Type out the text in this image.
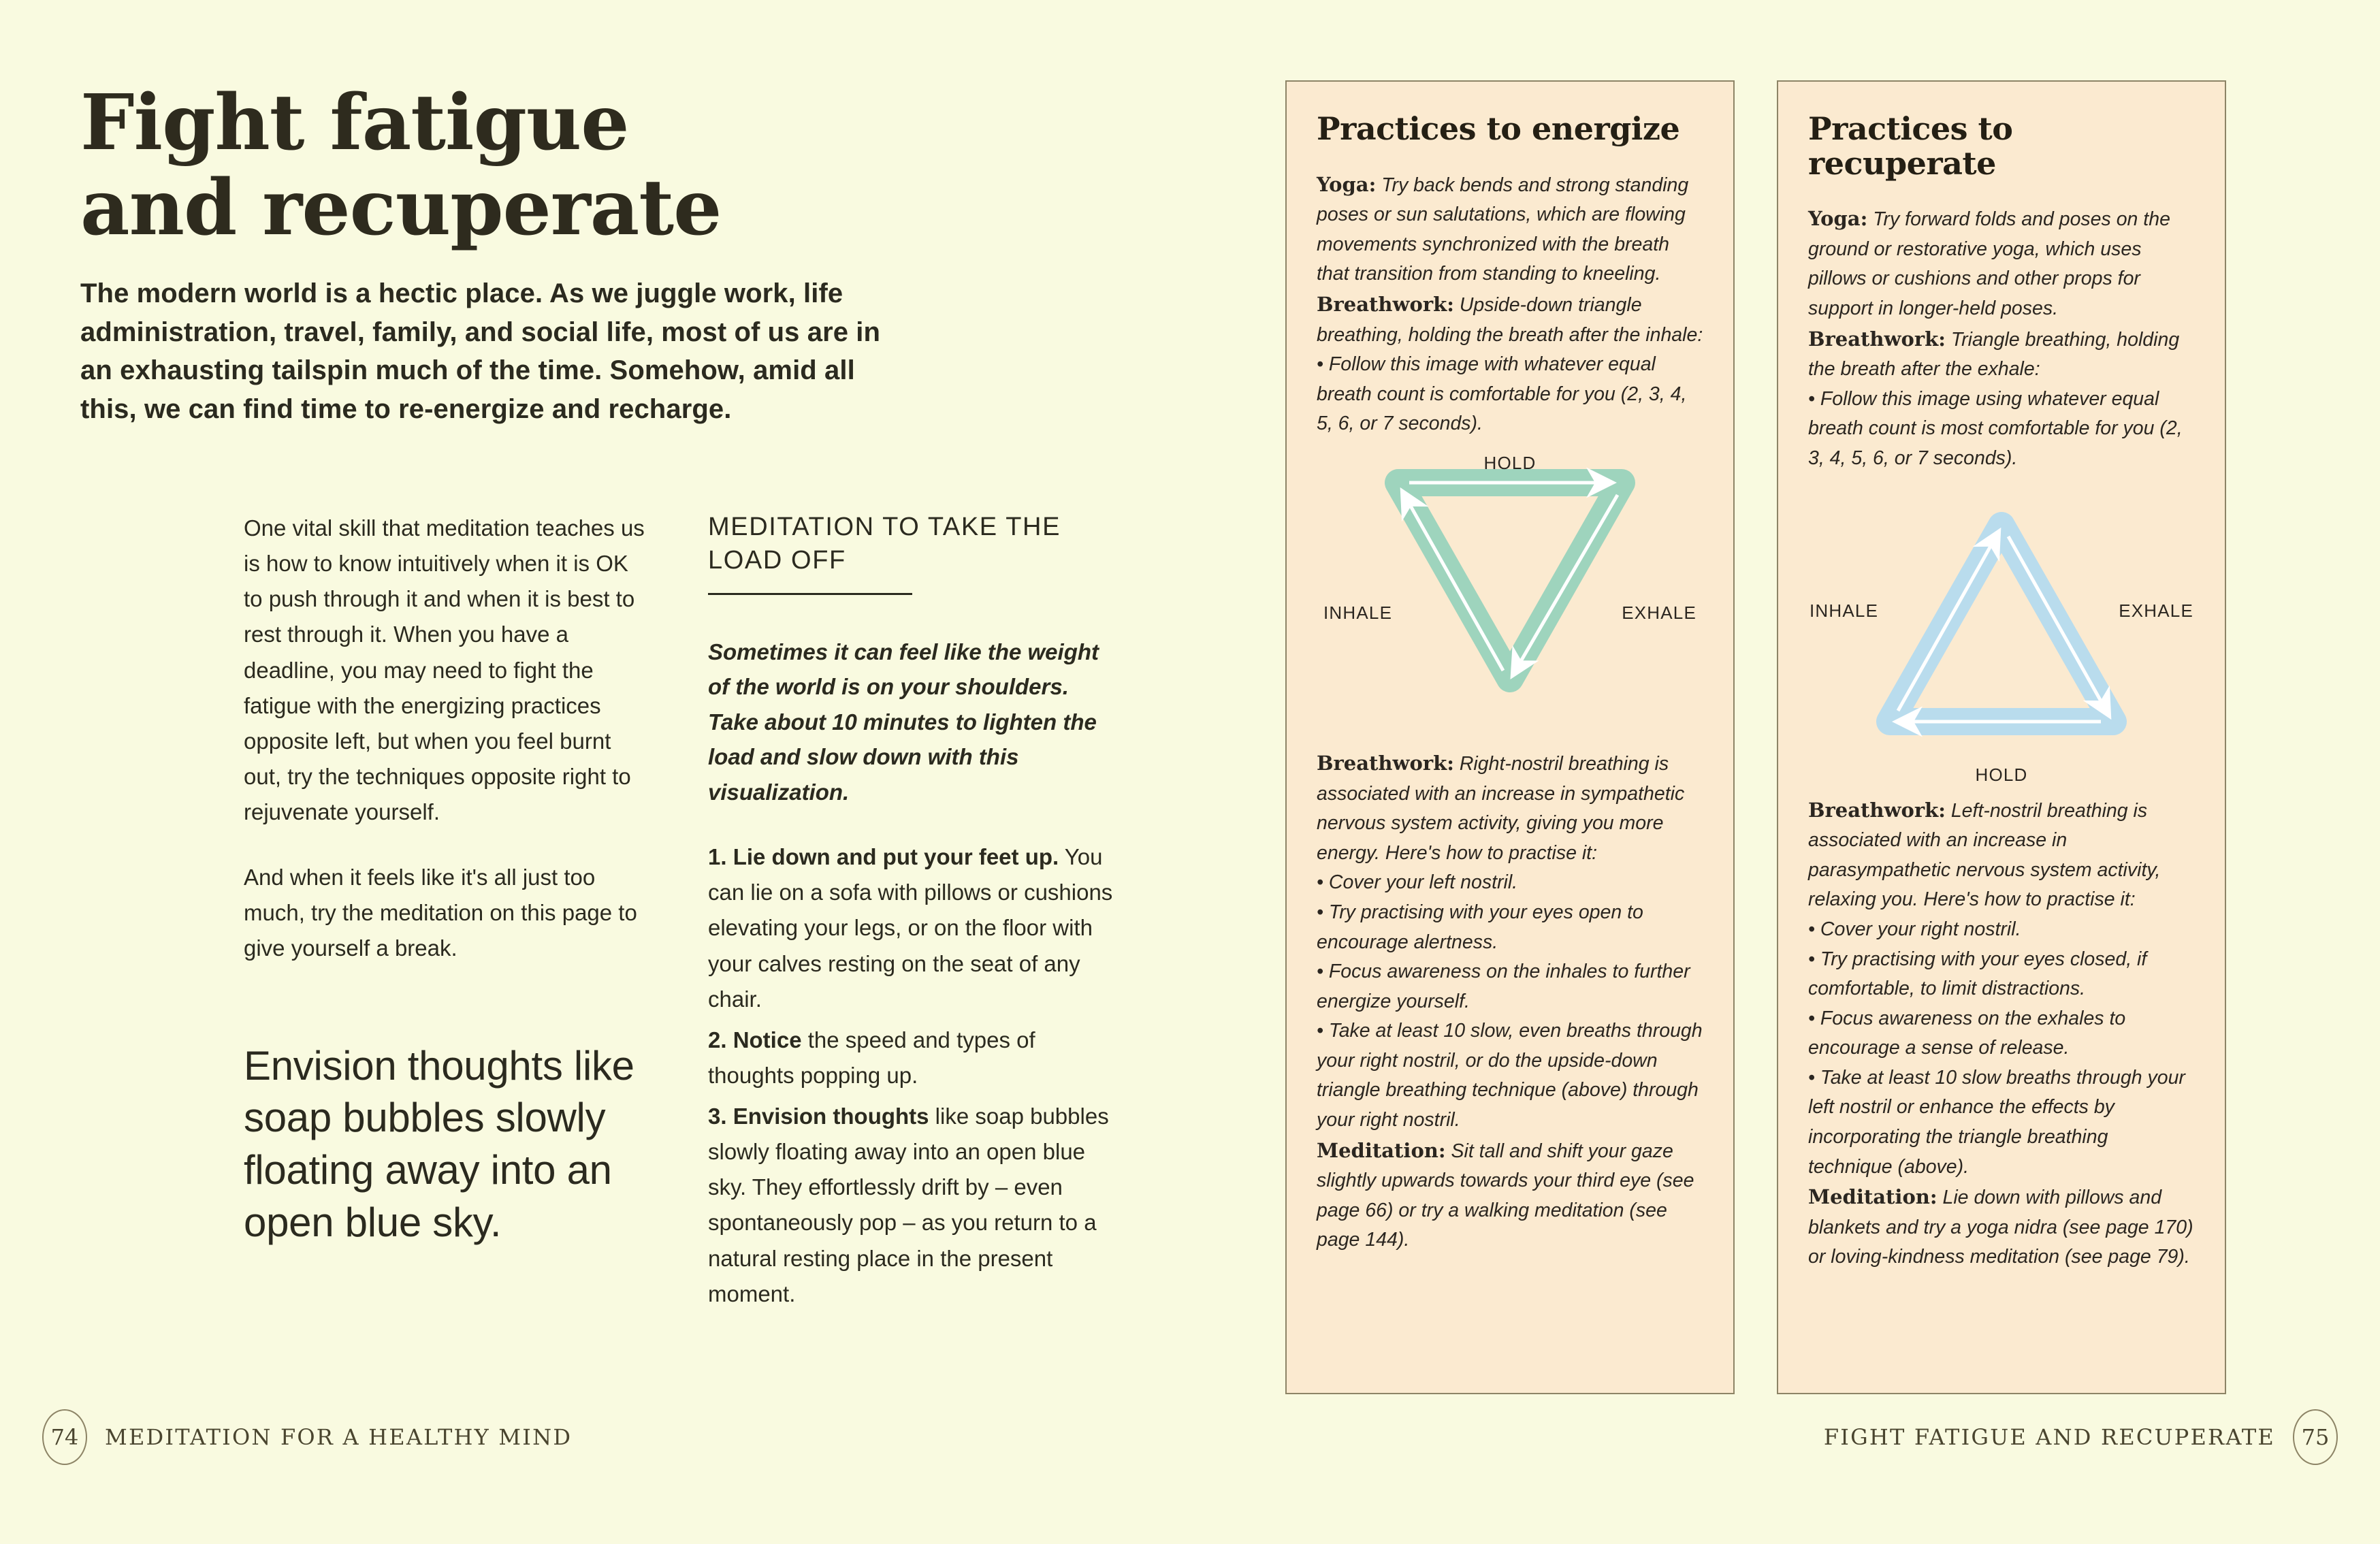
Fight fatigue
and recuperate

The modern world is a hectic place. As we juggle work, life administration, travel, family, and social life, most of us are in an exhausting tailspin much of the time. Somehow, amid all this, we can find time to re-energize and recharge.

One vital skill that meditation teaches us is how to know intuitively when it is OK to push through it and when it is best to rest through it. When you have a deadline, you may need to fight the fatigue with the energizing practices opposite left, but when you feel burnt out, try the techniques opposite right to rejuvenate yourself.

And when it feels like it's all just too much, try the meditation on this page to give yourself a break.

Envision thoughts like soap bubbles slowly floating away into an open blue sky.

MEDITATION TO TAKE THE LOAD OFF

Sometimes it can feel like the weight of the world is on your shoulders. Take about 10 minutes to lighten the load and slow down with this visualization.

1. Lie down and put your feet up. You can lie on a sofa with pillows or cushions elevating your legs, or on the floor with your calves resting on the seat of any chair.

2. Notice the speed and types of thoughts popping up.

3. Envision thoughts like soap bubbles slowly floating away into an open blue sky. They effortlessly drift by – even spontaneously pop – as you return to a natural resting place in the present moment.

Practices to energize

Yoga: Try back bends and strong standing poses or sun salutations, which are flowing movements synchronized with the breath that transition from standing to kneeling.

Breathwork: Upside-down triangle breathing, holding the breath after the inhale:

• Follow this image with whatever equal breath count is comfortable for you (2, 3, 4, 5, 6, or 7 seconds).

HOLD
INHALE	EXHALE

Breathwork: Right-nostril breathing is associated with an increase in sympathetic nervous system activity, giving you more energy. Here's how to practise it:

• Cover your left nostril.

• Try practising with your eyes open to encourage alertness.

• Focus awareness on the inhales to further energize yourself.

• Take at least 10 slow, even breaths through your right nostril, or do the upside-down triangle breathing technique (above) through your right nostril.

Meditation: Sit tall and shift your gaze slightly upwards towards your third eye (see page 66) or try a walking meditation (see page 144).

Practices to recuperate

Yoga: Try forward folds and poses on the ground or restorative yoga, which uses pillows or cushions and other props for support in longer-held poses.

Breathwork: Triangle breathing, holding the breath after the exhale:

• Follow this image using whatever equal breath count is most comfortable for you (2, 3, 4, 5, 6, or 7 seconds).

INHALE	EXHALE
HOLD

Breathwork: Left-nostril breathing is associated with an increase in parasympathetic nervous system activity, relaxing you. Here's how to practise it:

• Cover your right nostril.

• Try practising with your eyes closed, if comfortable, to limit distractions.

• Focus awareness on the exhales to encourage a sense of release.

• Take at least 10 slow breaths through your left nostril or enhance the effects by incorporating the triangle breathing technique (above).

Meditation: Lie down with pillows and blankets and try a yoga nidra (see page 170) or loving-kindness meditation (see page 79).

74	MEDITATION FOR A HEALTHY MIND	FIGHT FATIGUE AND RECUPERATE	75
